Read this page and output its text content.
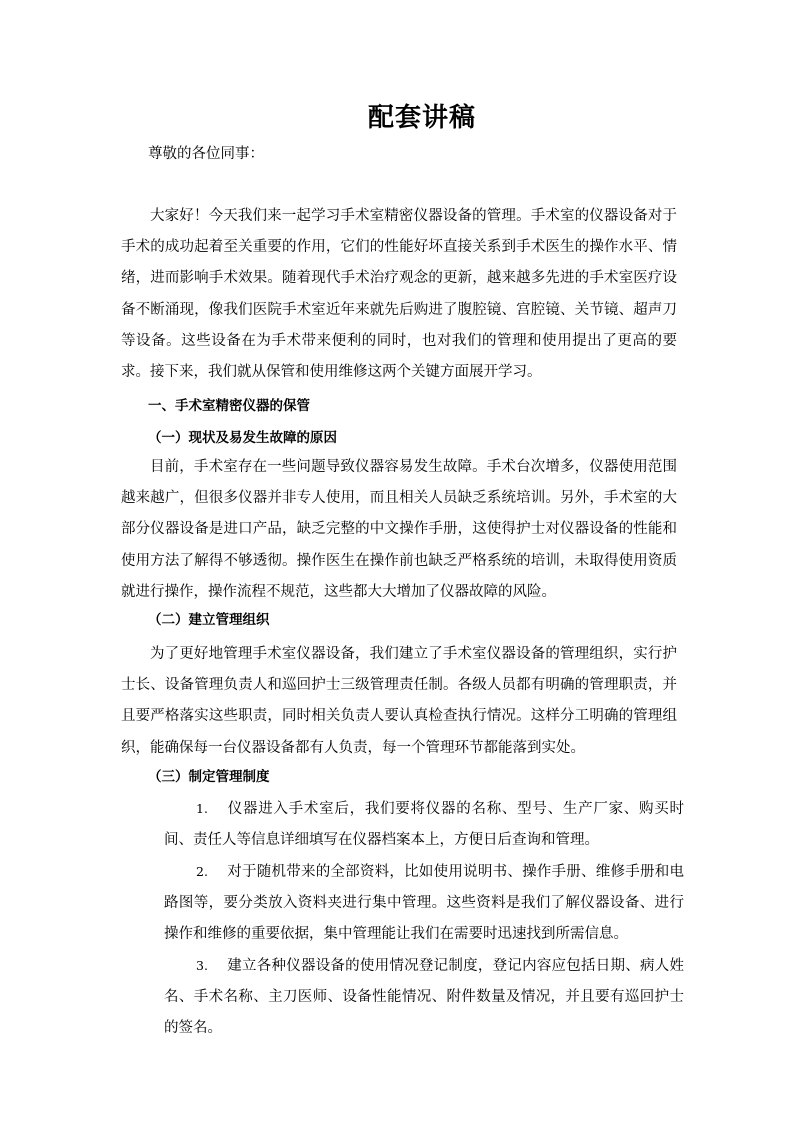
配套讲稿
尊敬的各位同事：

大家好！今天我们来一起学习手术室精密仪器设备的管理。手术室的仪器设备对于手术的成功起着至关重要的作用，它们的性能好坏直接关系到手术医生的操作水平、情绪，进而影响手术效果。随着现代手术治疗观念的更新，越来越多先进的手术室医疗设备不断涌现，像我们医院手术室近年来就先后购进了腹腔镜、宫腔镜、关节镜、超声刀等设备。这些设备在为手术带来便利的同时，也对我们的管理和使用提出了更高的要求。接下来，我们就从保管和使用维修这两个关键方面展开学习。

一、手术室精密仪器的保管
（一）现状及易发生故障的原因

目前，手术室存在一些问题导致仪器容易发生故障。手术台次增多，仪器使用范围越来越广，但很多仪器并非专人使用，而且相关人员缺乏系统培训。另外，手术室的大部分仪器设备是进口产品，缺乏完整的中文操作手册，这使得护士对仪器设备的性能和使用方法了解得不够透彻。操作医生在操作前也缺乏严格系统的培训，未取得使用资质就进行操作，操作流程不规范，这些都大大增加了仪器故障的风险。

（二）建立管理组织

为了更好地管理手术室仪器设备，我们建立了手术室仪器设备的管理组织，实行护士长、设备管理负责人和巡回护士三级管理责任制。各级人员都有明确的管理职责，并且要严格落实这些职责，同时相关负责人要认真检查执行情况。这样分工明确的管理组织，能确保每一台仪器设备都有人负责，每一个管理环节都能落到实处。

（三）制定管理制度

1. 仪器进入手术室后，我们要将仪器的名称、型号、生产厂家、购买时间、责任人等信息详细填写在仪器档案本上，方便日后查询和管理。

2. 对于随机带来的全部资料，比如使用说明书、操作手册、维修手册和电路图等，要分类放入资料夹进行集中管理。这些资料是我们了解仪器设备、进行操作和维修的重要依据，集中管理能让我们在需要时迅速找到所需信息。

3. 建立各种仪器设备的使用情况登记制度，登记内容应包括日期、病人姓名、手术名称、主刀医师、设备性能情况、附件数量及情况，并且要有巡回护士的签名。
